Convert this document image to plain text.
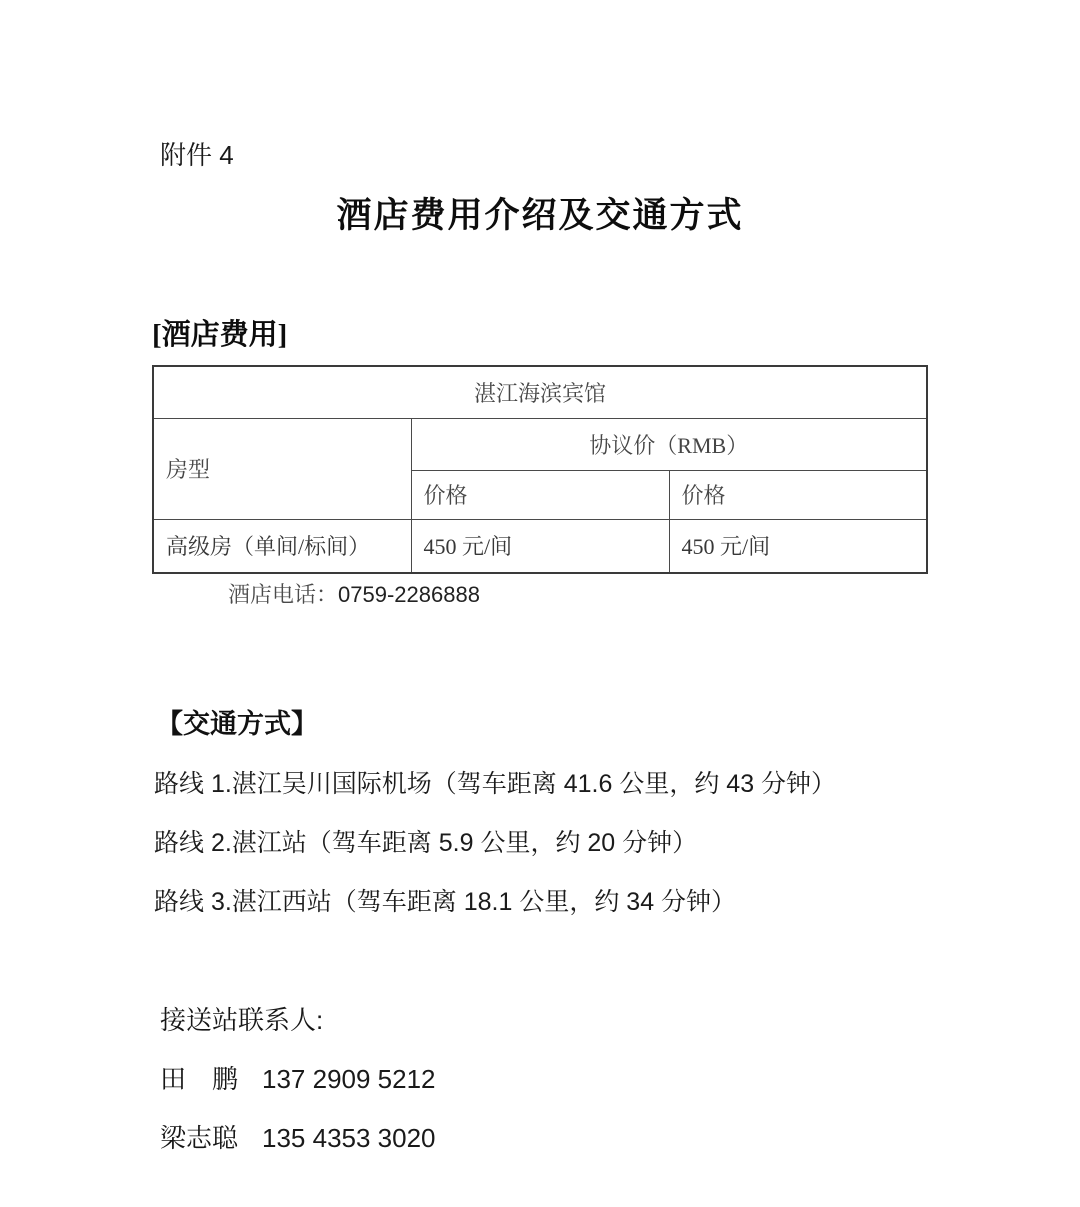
附件 4

酒店费用介绍及交通方式
[酒店费用]
湛江海滨宾馆		
房型	协议价（RMB）	
	价格	价格
高级房（单间/标间）	450 元/间	450 元/间

酒店电话：0759-2286888

【交通方式】

路线 1.湛江吴川国际机场（驾车距离 41.6 公里，约 43 分钟）

路线 2.湛江站（驾车距离 5.9 公里，约 20 分钟）

路线 3.湛江西站（驾车距离 18.1 公里，约 34 分钟）

接送站联系人:

田　鹏 137 2909 5212

梁志聪 135 4353 3020
